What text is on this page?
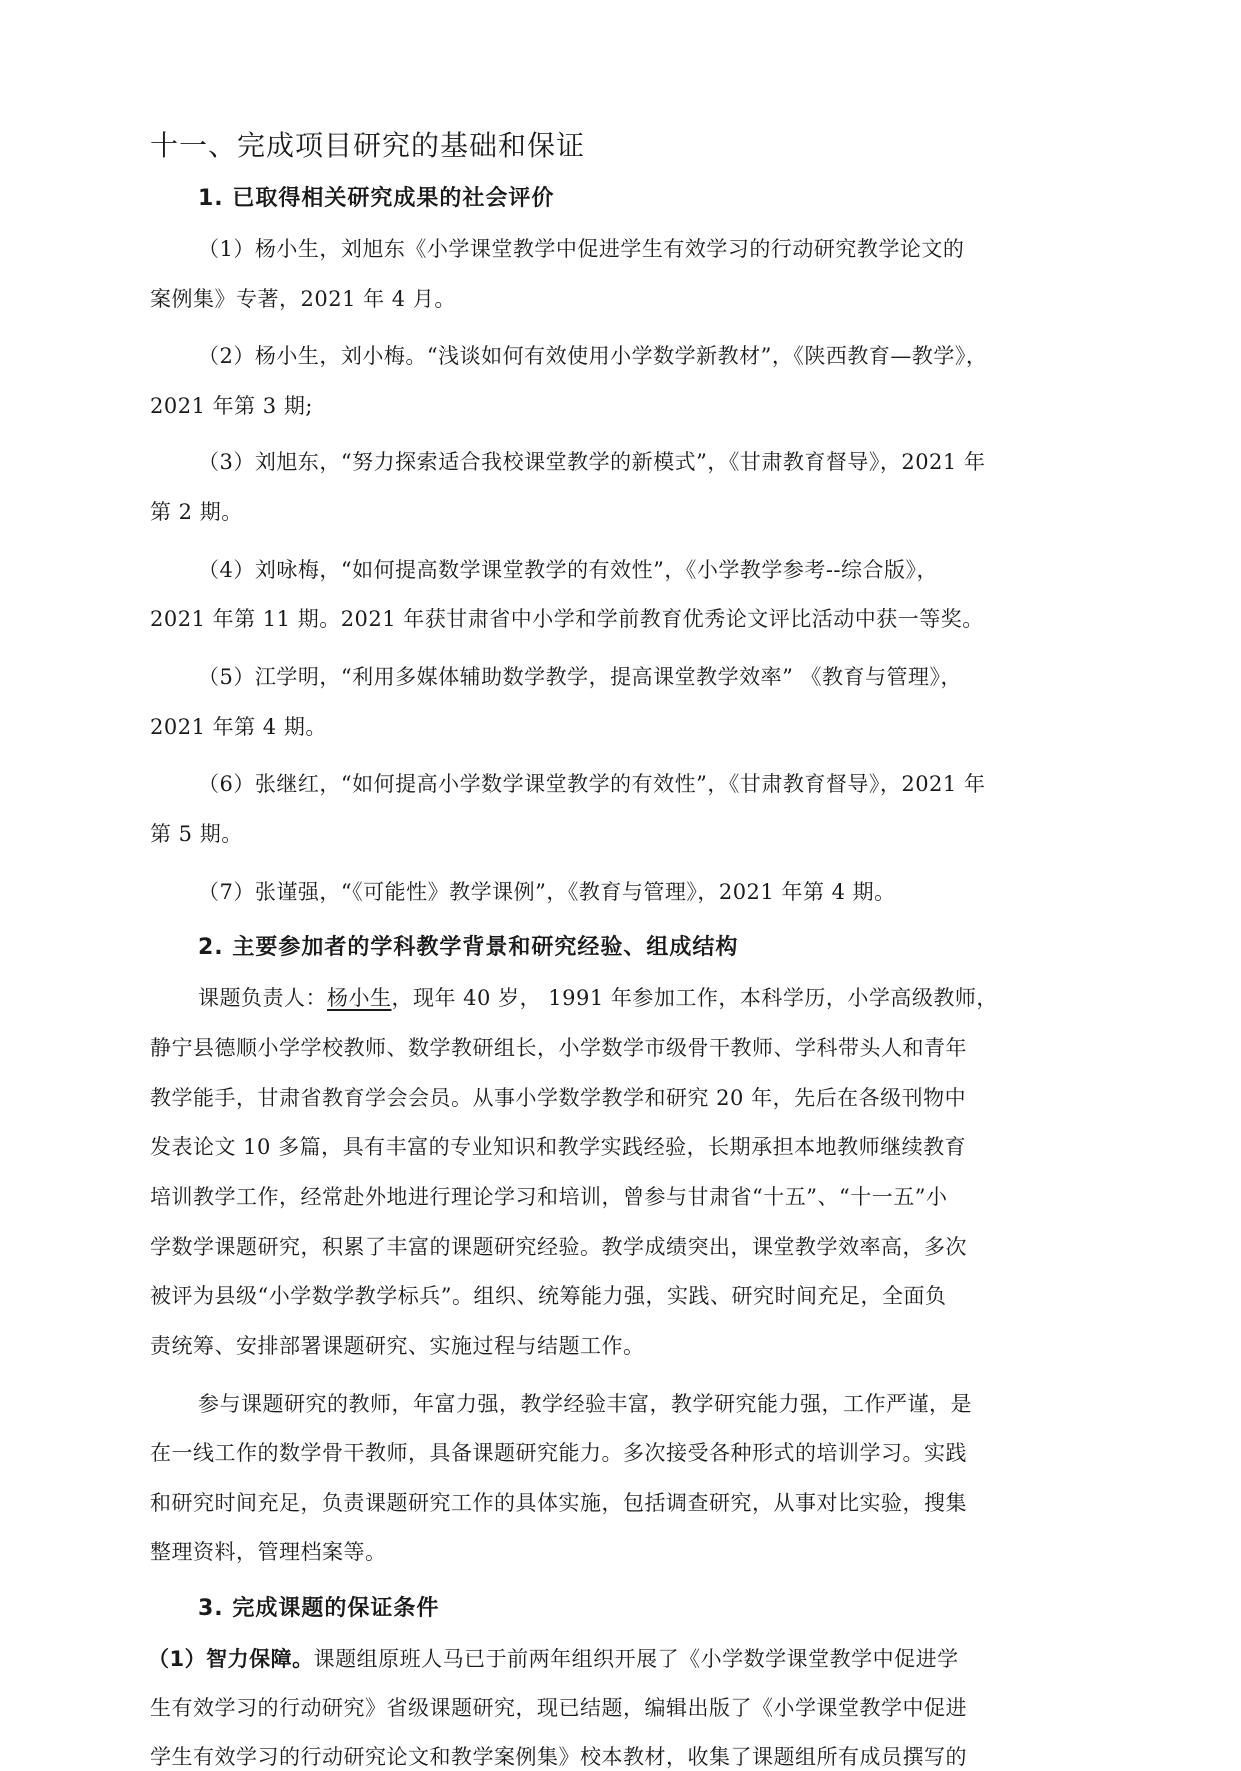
十一、完成项目研究的基础和保证
1. 已取得相关研究成果的社会评价
（1）杨小生，刘旭东《小学课堂教学中促进学生有效学习的行动研究教学论文的
案例集》专著，2021 年 4 月。
（2）杨小生，刘小梅。“浅谈如何有效使用小学数学新教材”，《陕西教育—教学》，
2021 年第 3 期;
（3）刘旭东，“努力探索适合我校课堂教学的新模式”，《甘肃教育督导》，2021 年
第 2 期。
（4）刘咏梅，“如何提高数学课堂教学的有效性”，《小学教学参考--综合版》，
2021 年第 11 期。2021 年获甘肃省中小学和学前教育优秀论文评比活动中获一等奖。
（5）江学明，“利用多媒体辅助数学教学，提高课堂教学效率” 《教育与管理》，
2021 年第 4 期。
（6）张继红，“如何提高小学数学课堂教学的有效性”，《甘肃教育督导》，2021 年
第 5 期。
（7）张谨强，“《可能性》教学课例”，《教育与管理》，2021 年第 4 期。
2. 主要参加者的学科教学背景和研究经验、组成结构
课题负责人：杨小生，现年 40 岁， 1991 年参加工作，本科学历，小学高级教师，
静宁县德顺小学学校教师、数学教研组长，小学数学市级骨干教师、学科带头人和青年
教学能手，甘肃省教育学会会员。从事小学数学教学和研究 20 年，先后在各级刊物中
发表论文 10 多篇，具有丰富的专业知识和教学实践经验，长期承担本地教师继续教育
培训教学工作，经常赴外地进行理论学习和培训，曾参与甘肃省“十五”、“十一五”小
学数学课题研究，积累了丰富的课题研究经验。教学成绩突出，课堂教学效率高，多次
被评为县级“小学数学教学标兵”。组织、统筹能力强，实践、研究时间充足，全面负
责统筹、安排部署课题研究、实施过程与结题工作。
参与课题研究的教师，年富力强，教学经验丰富，教学研究能力强，工作严谨，是
在一线工作的数学骨干教师，具备课题研究能力。多次接受各种形式的培训学习。实践
和研究时间充足，负责课题研究工作的具体实施，包括调查研究，从事对比实验，搜集
整理资料，管理档案等。
3. 完成课题的保证条件
（1）智力保障。课题组原班人马已于前两年组织开展了《小学数学课堂教学中促进学
生有效学习的行动研究》省级课题研究，现已结题，编辑出版了《小学课堂教学中促进
学生有效学习的行动研究论文和教学案例集》校本教材，收集了课题组所有成员撰写的
